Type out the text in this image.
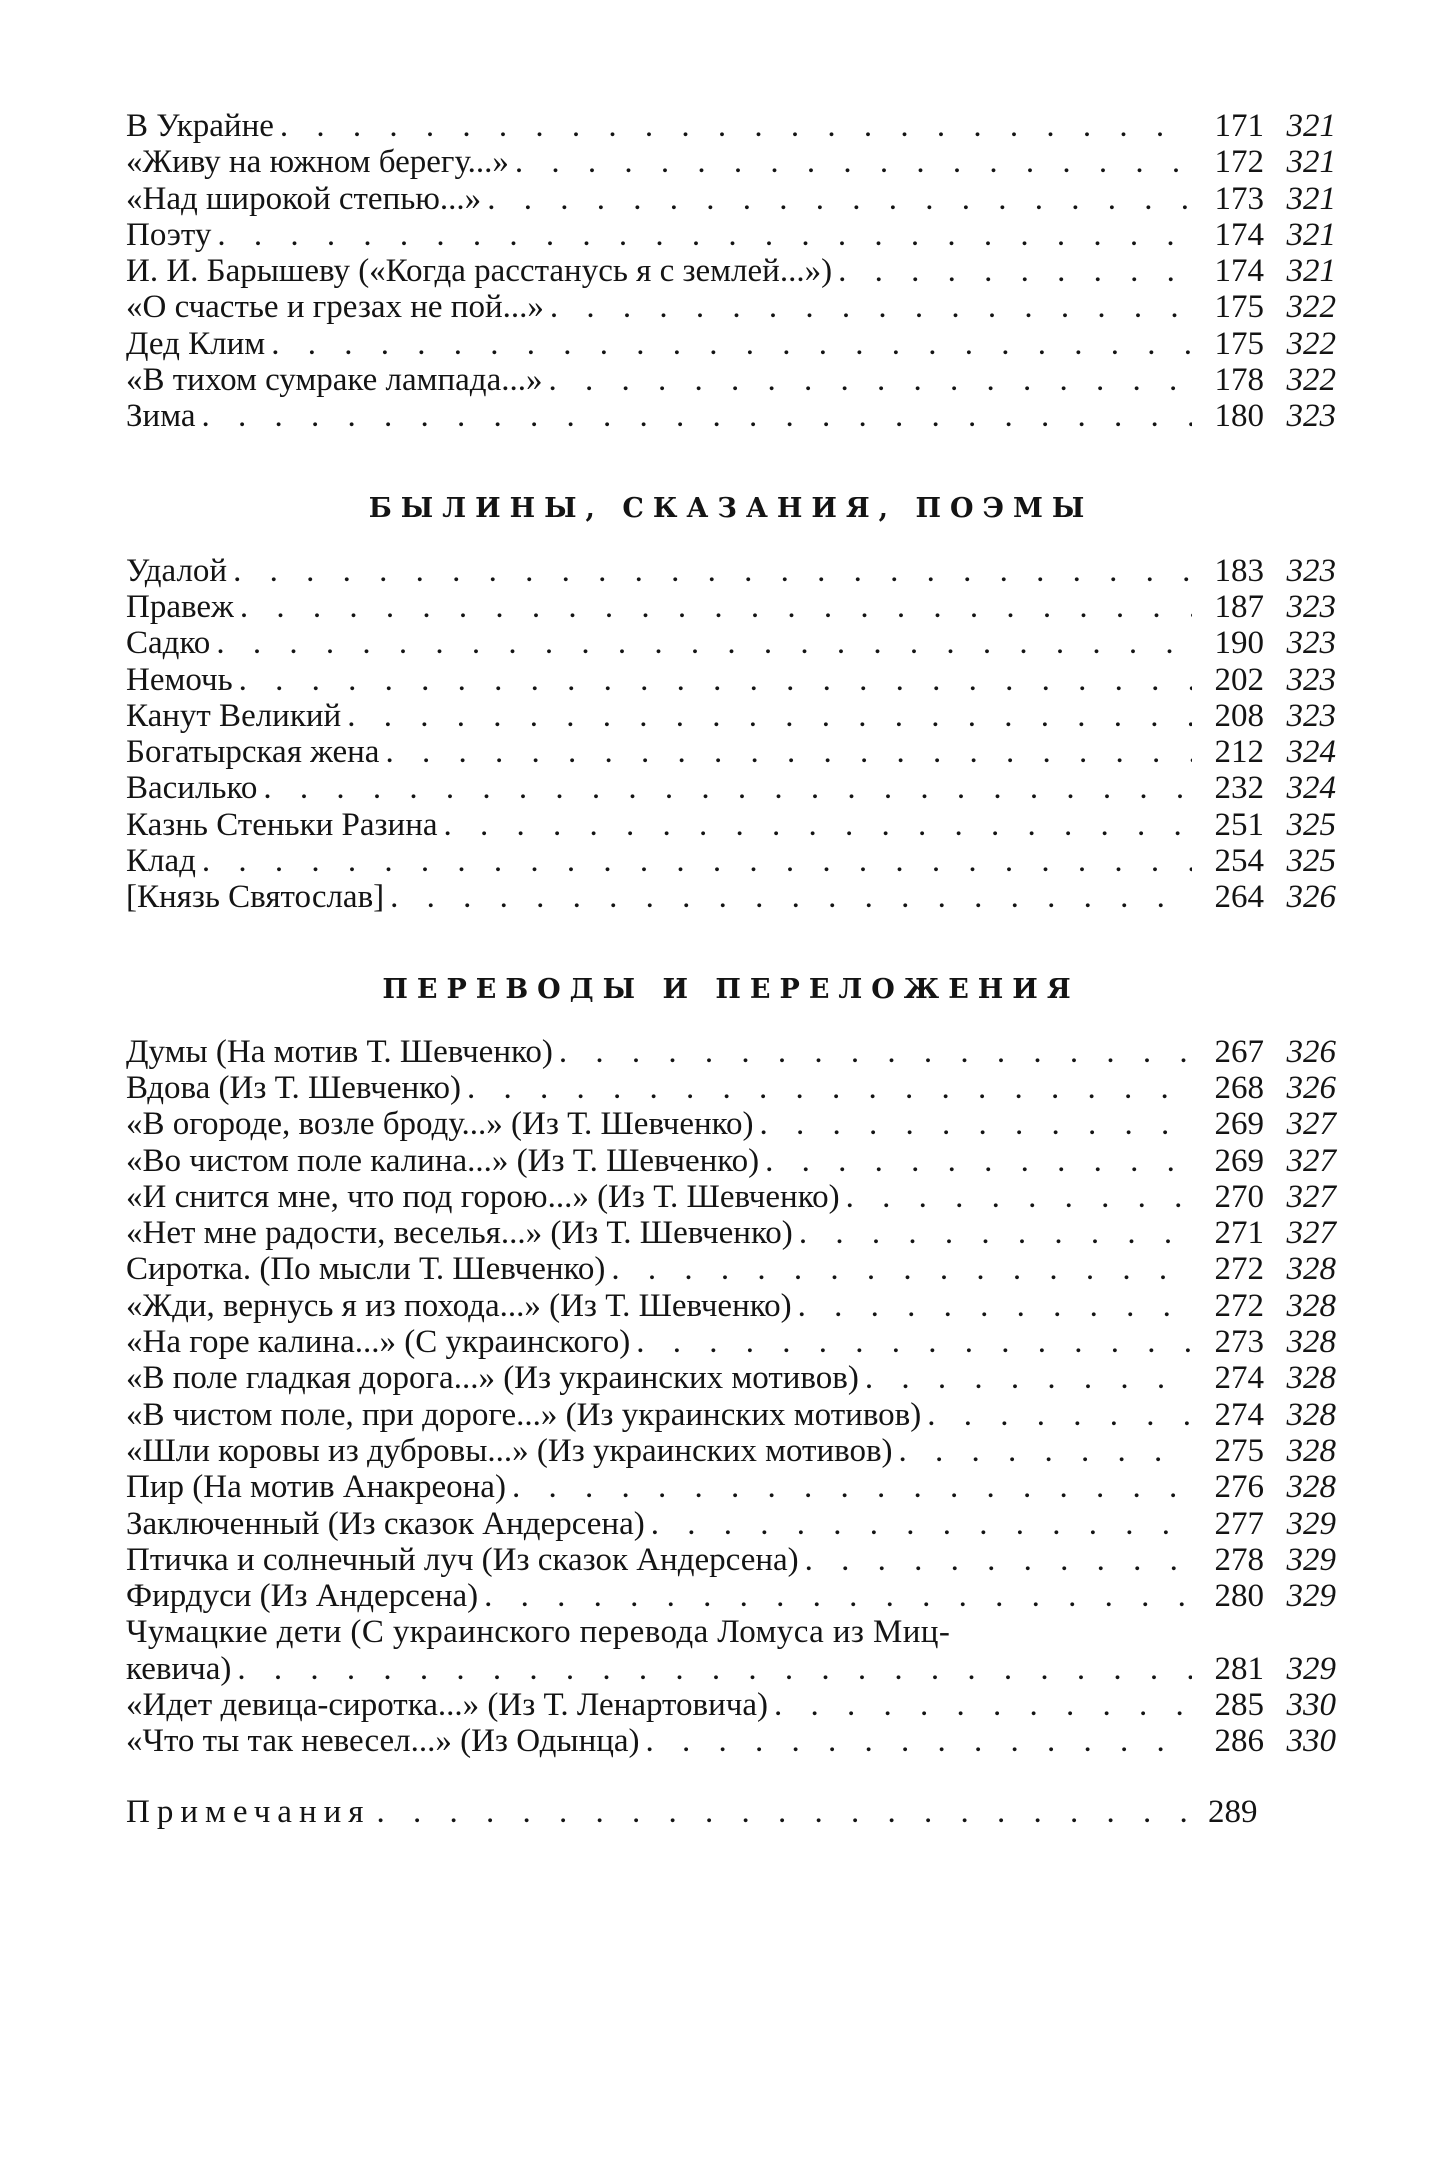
В Украйне . . .	171 321
«Живу на южном берегу...» . . .	172 321
«Над широкой степью...» . . .	173 321
Поэту . . .	174 321
И. И. Барышеву («Когда расстанусь я с землей...») . . .	174 321
«О счастье и грезах не пой...» . . .	175 322
Дед Клим . . .	175 322
«В тихом сумраке лампада...» . . .	178 322
Зима . . .	180 323
БЫЛИНЫ, СКАЗАНИЯ, ПОЭМЫ
Удалой . . .	183 323
Правеж . . .	187 323
Садко . . .	190 323
Немочь . . .	202 323
Канут Великий . . .	208 323
Богатырская жена . . .	212 324
Василько . . .	232 324
Казнь Стеньки Разина . . .	251 325
Клад . . .	254 325
[Князь Святослав] . . .	264 326
ПЕРЕВОДЫ И ПЕРЕЛОЖЕНИЯ
Думы (На мотив Т. Шевченко) . . .	267 326
Вдова (Из Т. Шевченко) . . .	268 326
«В огороде, возле броду...» (Из Т. Шевченко) . . .	269 327
«Во чистом поле калина...» (Из Т. Шевченко) . . .	269 327
«И снится мне, что под горою...» (Из Т. Шевченко) . . .	270 327
«Нет мне радости, веселья...» (Из Т. Шевченко) . . .	271 327
Сиротка. (По мысли Т. Шевченко) . . .	272 328
«Жди, вернусь я из похода...» (Из Т. Шевченко) . . .	272 328
«На горе калина...» (С украинского) . . .	273 328
«В поле гладкая дорога...» (Из украинских мотивов) . . .	274 328
«В чистом поле, при дороге...» (Из украинских мотивов) . . .	274 328
«Шли коровы из дубровы...» (Из украинских мотивов) . . .	275 328
Пир (На мотив Анакреона) . . .	276 328
Заключенный (Из сказок Андерсена) . . .	277 329
Птичка и солнечный луч (Из сказок Андерсена) . . .	278 329
Фирдуси (Из Андерсена) . . .	280 329
Чумацкие дети (С украинского перевода Ломуса из Миц-
кевича) . . .	281 329
«Идет девица-сиротка...» (Из Т. Ленартовича) . . .	285 330
«Что ты так невесел...» (Из Одынца) . . .	286 330
Примечания . . .	289
